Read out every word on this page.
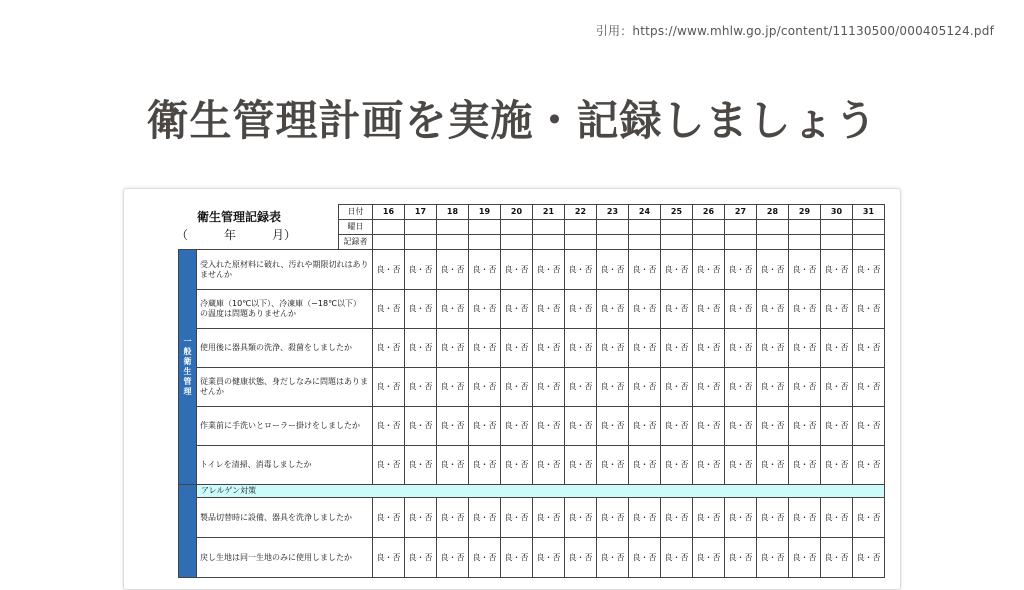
引用：https://www.mhlw.go.jp/content/11130500/000405124.pdf
衛生管理計画を実施・記録しましょう
		日付	16	17	18	19	20	21	22	23	24	25	26	27	28	29	30	31
		曜日																
		記録者																
一般衛生管理	受入れた原材料に破れ、汚れや期限切れはありませんか		良・否	良・否	良・否	良・否	良・否	良・否	良・否	良・否	良・否	良・否	良・否	良・否	良・否	良・否	良・否	良・否
	冷蔵庫（10℃以下）、冷凍庫（−18℃以下）の温度は問題ありませんか		良・否	良・否	良・否	良・否	良・否	良・否	良・否	良・否	良・否	良・否	良・否	良・否	良・否	良・否	良・否	良・否
	使用後に器具類の洗浄、殺菌をしましたか		良・否	良・否	良・否	良・否	良・否	良・否	良・否	良・否	良・否	良・否	良・否	良・否	良・否	良・否	良・否	良・否
	従業員の健康状態、身だしなみに問題はありませんか		良・否	良・否	良・否	良・否	良・否	良・否	良・否	良・否	良・否	良・否	良・否	良・否	良・否	良・否	良・否	良・否
	作業前に手洗いとローラー掛けをしましたか		良・否	良・否	良・否	良・否	良・否	良・否	良・否	良・否	良・否	良・否	良・否	良・否	良・否	良・否	良・否	良・否
	トイレを清掃、消毒しましたか		良・否	良・否	良・否	良・否	良・否	良・否	良・否	良・否	良・否	良・否	良・否	良・否	良・否	良・否	良・否	良・否
	アレルゲン対策																	
	製品切替時に設備、器具を洗浄しましたか		良・否	良・否	良・否	良・否	良・否	良・否	良・否	良・否	良・否	良・否	良・否	良・否	良・否	良・否	良・否	良・否
	戻し生地は同一生地のみに使用しましたか		良・否	良・否	良・否	良・否	良・否	良・否	良・否	良・否	良・否	良・否	良・否	良・否	良・否	良・否	良・否	良・否
衛生管理記録表
（　　　年　　　月）
